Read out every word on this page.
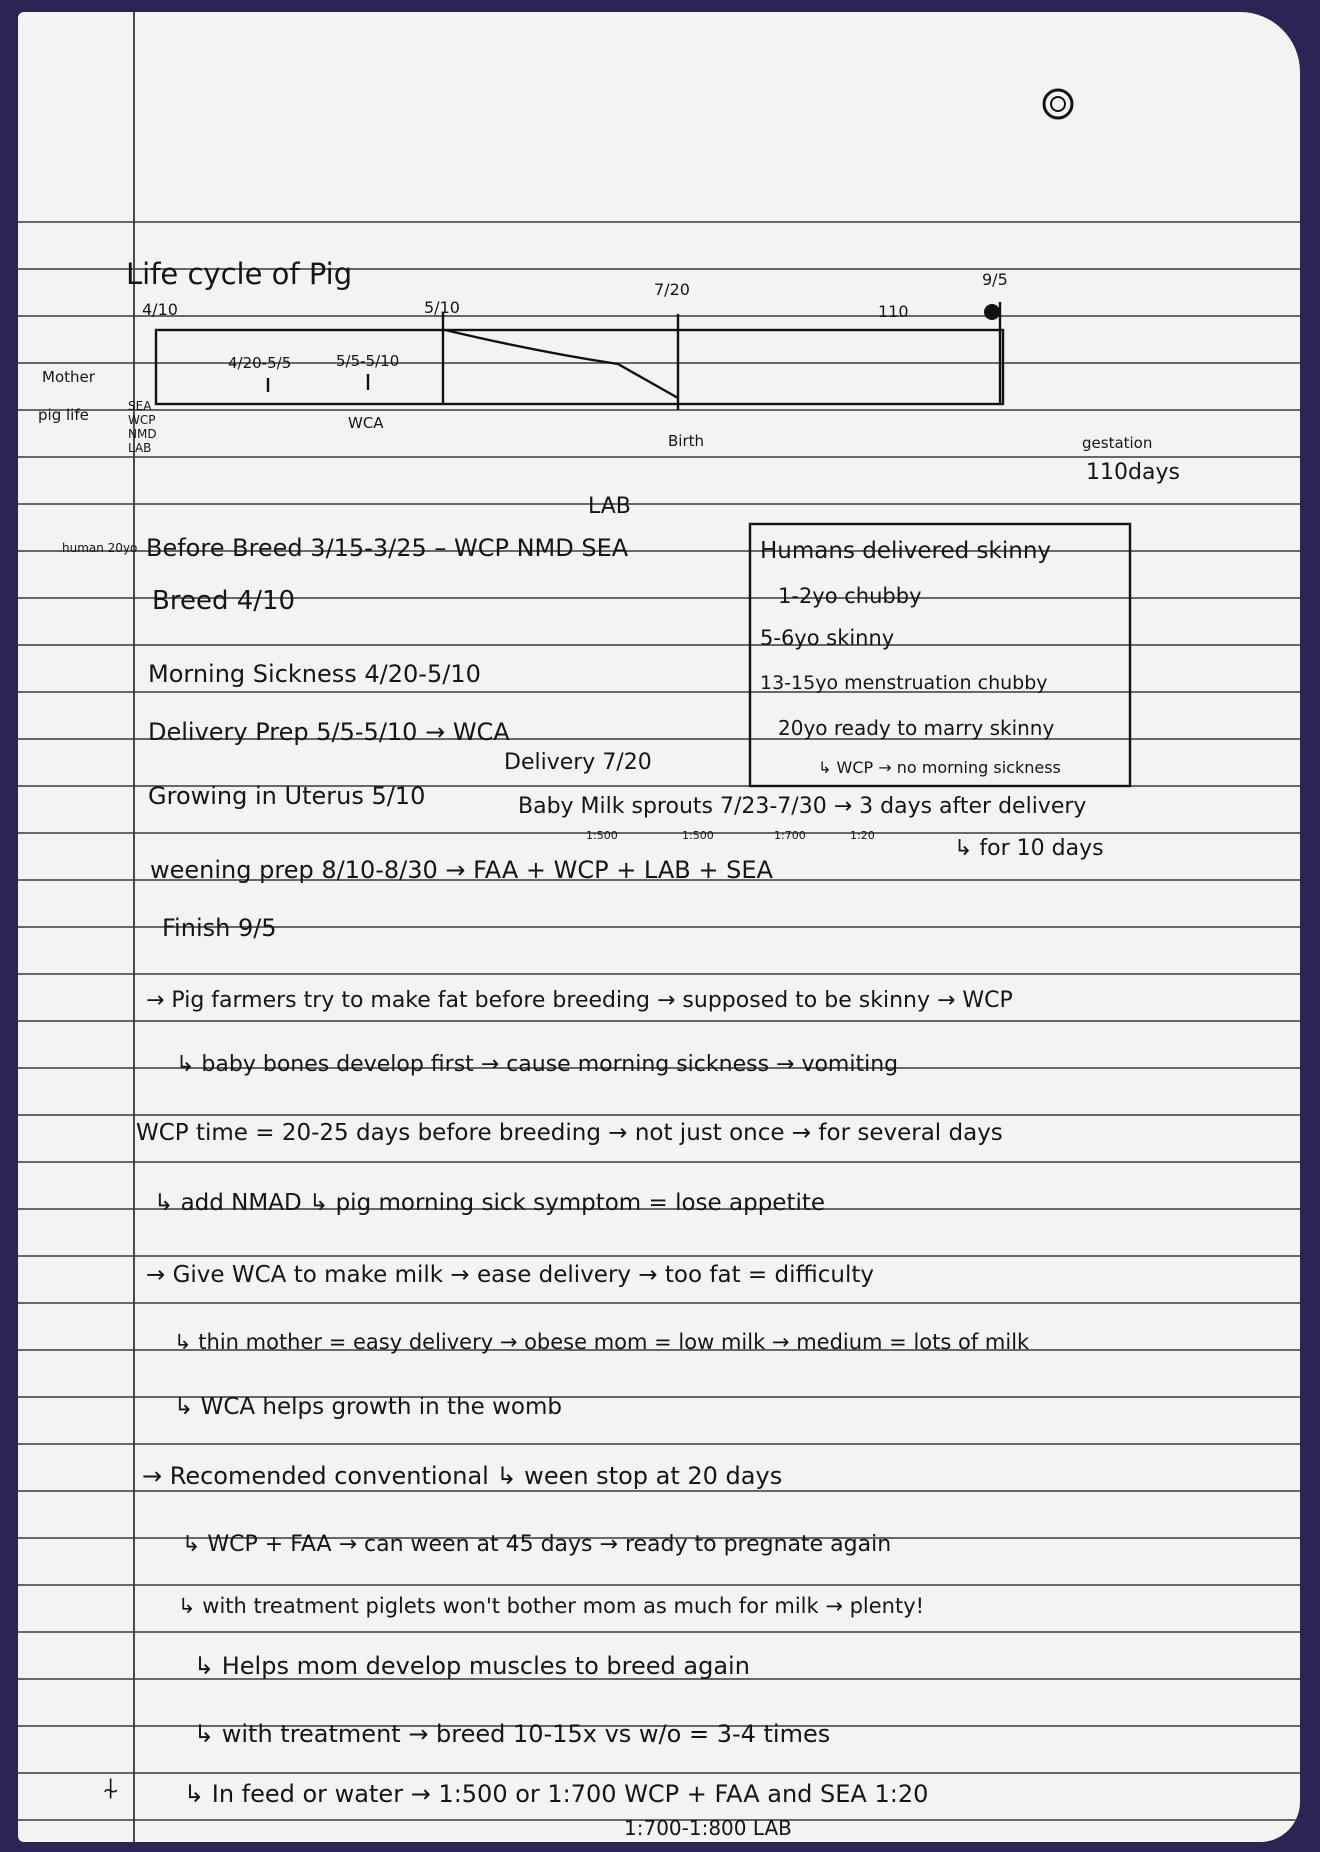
Life cycle of Pig
4/10	5/10
7/20
110
9/5
4/20-5/5	5/5-5/10
WCA
Birth
Mother
pig life	SEA
WCP
NMD
LAB	gestation
110days
LAB
human 20yo Before Breed 3/15-3/25 – WCP NMD SEA
Breed 4/10
Morning Sickness 4/20-5/10
Delivery Prep 5/5-5/10 → WCA
Growing in Uterus 5/10
weening prep 8/10-8/30 → FAA + WCP + LAB + SEA
Finish 9/5
Delivery 7/20
Baby Milk sprouts 7/23-7/30 → 3 days after delivery
1:500	1:500	1:700	1:20
↳ for 10 days
Humans delivered skinny
1-2yo chubby
5-6yo skinny
13-15yo menstruation chubby
20yo ready to marry skinny
↳ WCP → no morning sickness
→ Pig farmers try to make fat before breeding → supposed to be skinny → WCP
↳ baby bones develop first → cause morning sickness → vomiting
WCP time = 20-25 days before breeding → not just once → for several days
↳ add NMAD ↳ pig morning sick symptom = lose appetite
→ Give WCA to make milk → ease delivery → too fat = difficulty
↳ thin mother = easy delivery → obese mom = low milk → medium = lots of milk
↳ WCA helps growth in the womb
→ Recomended conventional ↳ ween stop at 20 days
↳ WCP + FAA → can ween at 45 days → ready to pregnate again
↳ with treatment piglets won't bother mom as much for milk → plenty!
↳ Helps mom develop muscles to breed again
↳ with treatment → breed 10-15x vs w/o = 3-4 times
↳ In feed or water → 1:500 or 1:700 WCP + FAA and SEA 1:20
1:700-1:800 LAB
⍭
